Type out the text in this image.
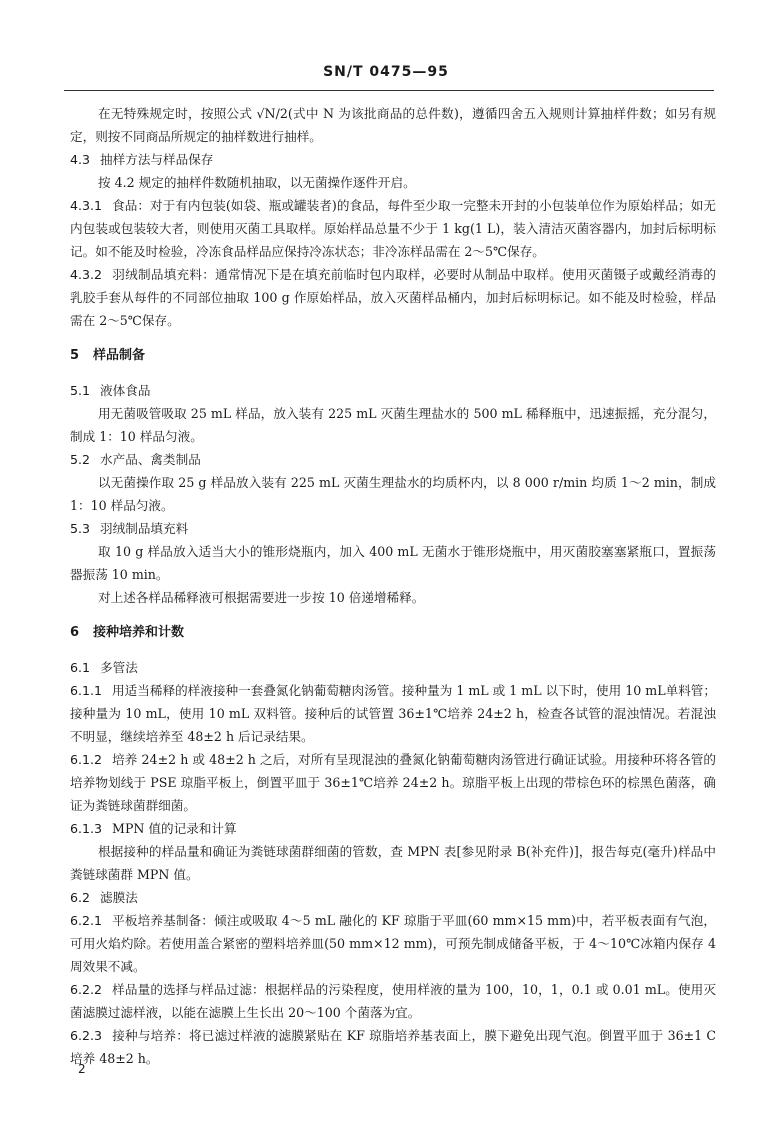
SN/T 0475—95

在无特殊规定时，按照公式 √N/2(式中 N 为该批商品的总件数)，遵循四舍五入规则计算抽样件数；如另有规定，则按不同商品所规定的抽样数进行抽样。

4.3 抽样方法与样品保存

按 4.2 规定的抽样件数随机抽取，以无菌操作逐件开启。

4.3.1 食品：对于有内包装(如袋、瓶或罐装者)的食品，每件至少取一完整未开封的小包装单位作为原始样品；如无内包装或包装较大者，则使用灭菌工具取样。原始样品总量不少于 1 kg(1 L)，装入清洁灭菌容器内，加封后标明标记。如不能及时检验，冷冻食品样品应保持冷冻状态；非冷冻样品需在 2～5℃保存。

4.3.2 羽绒制品填充料：通常情况下是在填充前临时包内取样，必要时从制品中取样。使用灭菌镊子或戴经消毒的乳胶手套从每件的不同部位抽取 100 g 作原始样品，放入灭菌样品桶内，加封后标明标记。如不能及时检验，样品需在 2～5℃保存。

5 样品制备

5.1 液体食品

用无菌吸管吸取 25 mL 样品，放入装有 225 mL 灭菌生理盐水的 500 mL 稀释瓶中，迅速振摇，充分混匀，制成 1：10 样品匀液。

5.2 水产品、禽类制品

以无菌操作取 25 g 样品放入装有 225 mL 灭菌生理盐水的均质杯内，以 8 000 r/min 均质 1～2 min，制成 1：10 样品匀液。

5.3 羽绒制品填充料

取 10 g 样品放入适当大小的锥形烧瓶内，加入 400 mL 无菌水于锥形烧瓶中，用灭菌胶塞塞紧瓶口，置振荡器振荡 10 min。

对上述各样品稀释液可根据需要进一步按 10 倍递增稀释。

6 接种培养和计数

6.1 多管法

6.1.1 用适当稀释的样液接种一套叠氮化钠葡萄糖肉汤管。接种量为 1 mL 或 1 mL 以下时，使用 10 mL单料管；接种量为 10 mL，使用 10 mL 双料管。接种后的试管置 36±1℃培养 24±2 h，检查各试管的混浊情况。若混浊不明显，继续培养至 48±2 h 后记录结果。

6.1.2 培养 24±2 h 或 48±2 h 之后，对所有呈现混浊的叠氮化钠葡萄糖肉汤管进行确证试验。用接种环将各管的培养物划线于 PSE 琼脂平板上，倒置平皿于 36±1℃培养 24±2 h。琼脂平板上出现的带棕色环的棕黑色菌落，确证为粪链球菌群细菌。

6.1.3 MPN 值的记录和计算

根据接种的样品量和确证为粪链球菌群细菌的管数，查 MPN 表[参见附录 B(补充件)]，报告每克(毫升)样品中粪链球菌群 MPN 值。

6.2 滤膜法

6.2.1 平板培养基制备：倾注或吸取 4～5 mL 融化的 KF 琼脂于平皿(60 mm×15 mm)中，若平板表面有气泡，可用火焰灼除。若使用盖合紧密的塑料培养皿(50 mm×12 mm)，可预先制成储备平板，于 4～10℃冰箱内保存 4 周效果不减。

6.2.2 样品量的选择与样品过滤：根据样品的污染程度，使用样液的量为 100，10，1，0.1 或 0.01 mL。使用灭菌滤膜过滤样液，以能在滤膜上生长出 20～100 个菌落为宜。

6.2.3 接种与培养：将已滤过样液的滤膜紧贴在 KF 琼脂培养基表面上，膜下避免出现气泡。倒置平皿于 36±1 C培养 48±2 h。

2
